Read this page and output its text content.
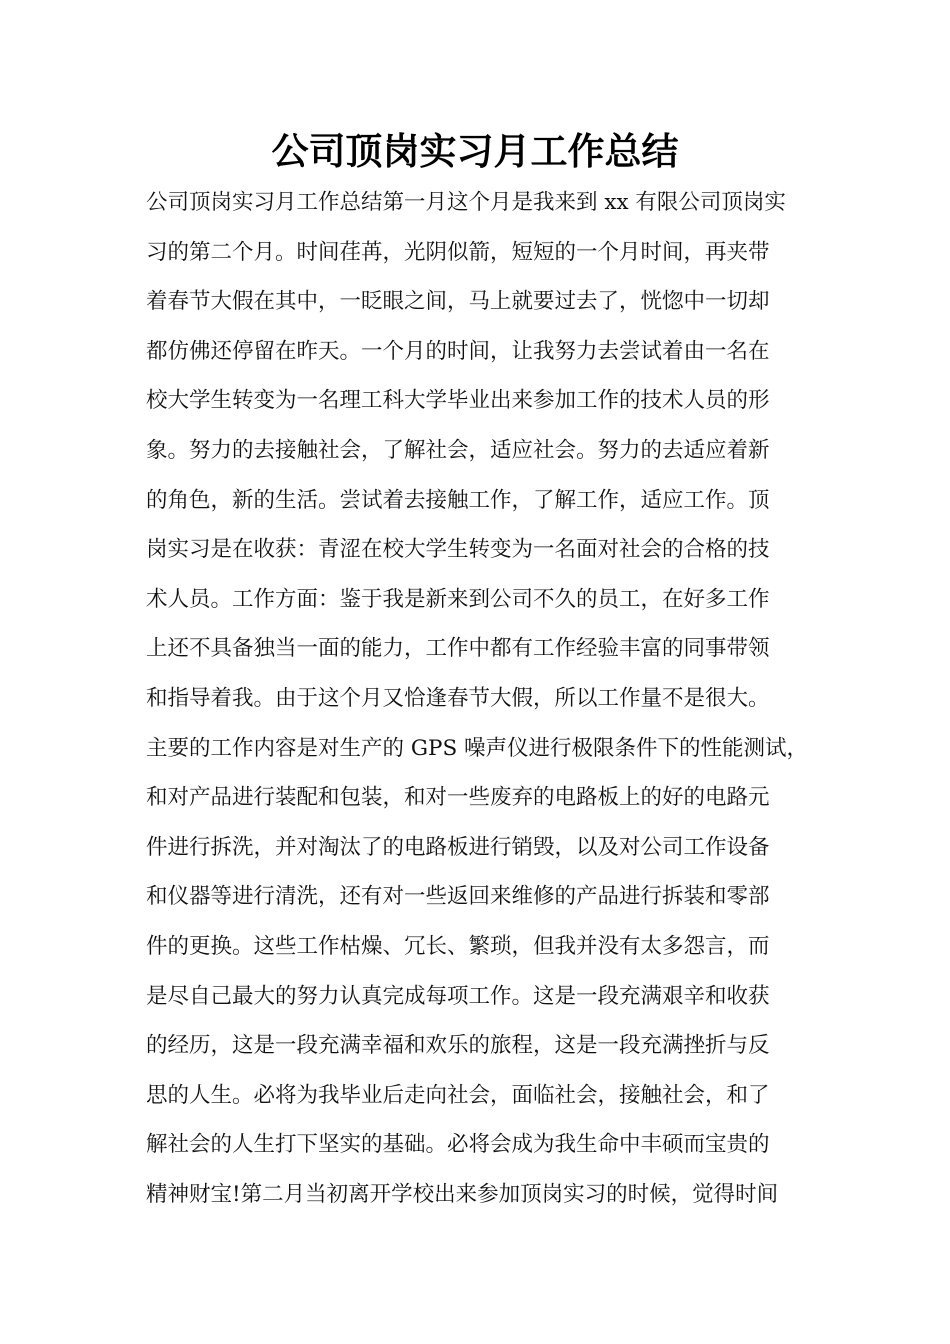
公司顶岗实习月工作总结
公司顶岗实习月工作总结第一月这个月是我来到 xx 有限公司顶岗实
习的第二个月。时间荏苒，光阴似箭，短短的一个月时间，再夹带
着春节大假在其中，一眨眼之间，马上就要过去了，恍惚中一切却
都仿佛还停留在昨天。一个月的时间，让我努力去尝试着由一名在
校大学生转变为一名理工科大学毕业出来参加工作的技术人员的形
象。努力的去接触社会，了解社会，适应社会。努力的去适应着新
的角色，新的生活。尝试着去接触工作，了解工作，适应工作。顶
岗实习是在收获：青涩在校大学生转变为一名面对社会的合格的技
术人员。工作方面：鉴于我是新来到公司不久的员工，在好多工作
上还不具备独当一面的能力，工作中都有工作经验丰富的同事带领
和指导着我。由于这个月又恰逢春节大假，所以工作量不是很大。
主要的工作内容是对生产的 GPS 噪声仪进行极限条件下的性能测试，
和对产品进行装配和包装，和对一些废弃的电路板上的好的电路元
件进行拆洗，并对淘汰了的电路板进行销毁，以及对公司工作设备
和仪器等进行清洗，还有对一些返回来维修的产品进行拆装和零部
件的更换。这些工作枯燥、冗长、繁琐，但我并没有太多怨言，而
是尽自己最大的努力认真完成每项工作。这是一段充满艰辛和收获
的经历，这是一段充满幸福和欢乐的旅程，这是一段充满挫折与反
思的人生。必将为我毕业后走向社会，面临社会，接触社会，和了
解社会的人生打下坚实的基础。必将会成为我生命中丰硕而宝贵的
精神财宝!第二月当初离开学校出来参加顶岗实习的时候，觉得时间
